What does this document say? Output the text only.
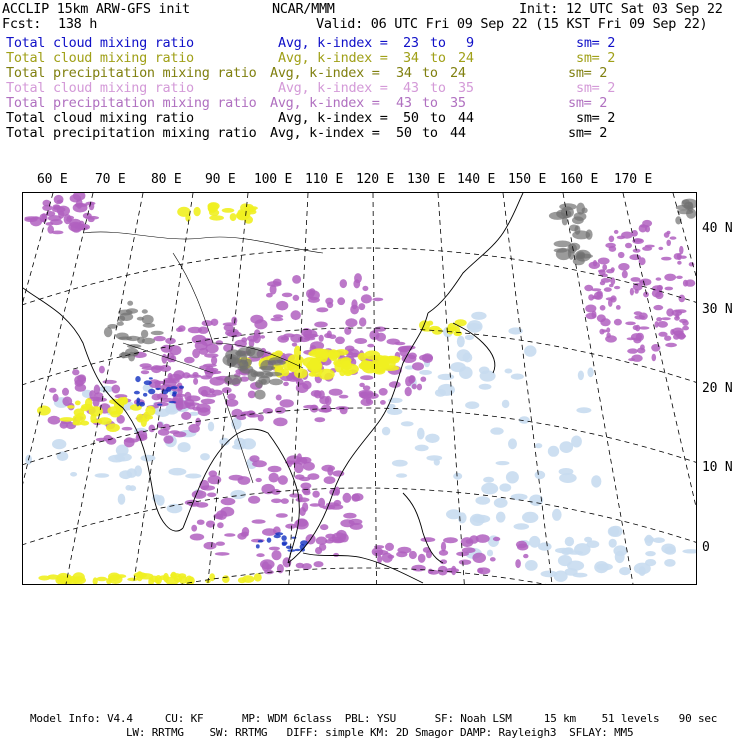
ACCLIP 15km ARW-GFS init	NCAR/MMM	Init: 12 UTC Sat 03 Sep 22
Fcst: 138 h	Valid: 06 UTC Fri 09 Sep 22 (15 KST Fri 09 Sep 22)
Total cloud mixing ratio	Avg, k-index = 23 to 9	sm= 2
Total cloud mixing ratio	Avg, k-index = 34 to 24	sm= 2
Total precipitation mixing ratio Avg, k-index = 34 to 24	sm= 2
Total cloud mixing ratio	Avg, k-index = 43 to 35	sm= 2
Total precipitation mixing ratio Avg, k-index = 43 to 35	sm= 2
Total cloud mixing ratio	Avg, k-index = 50 to 44	sm= 2
Total precipitation mixing ratio Avg, k-index = 50 to 44	sm= 2
60 E 70 E 80 E 90 E 100 E 110 E 120 E 130 E 140 E 150 E 160 E 170 E
40 N
30 N
20 N
10 N
0
Model Info: V4.4     CU: KF      MP: WDM 6class  PBL: YSU      SF: Noah LSM     15 km    51 levels   90 sec
LW: RRTMG    SW: RRTMG   DIFF: simple KM: 2D Smagor DAMP: Rayleigh3  SFLAY: MM5
